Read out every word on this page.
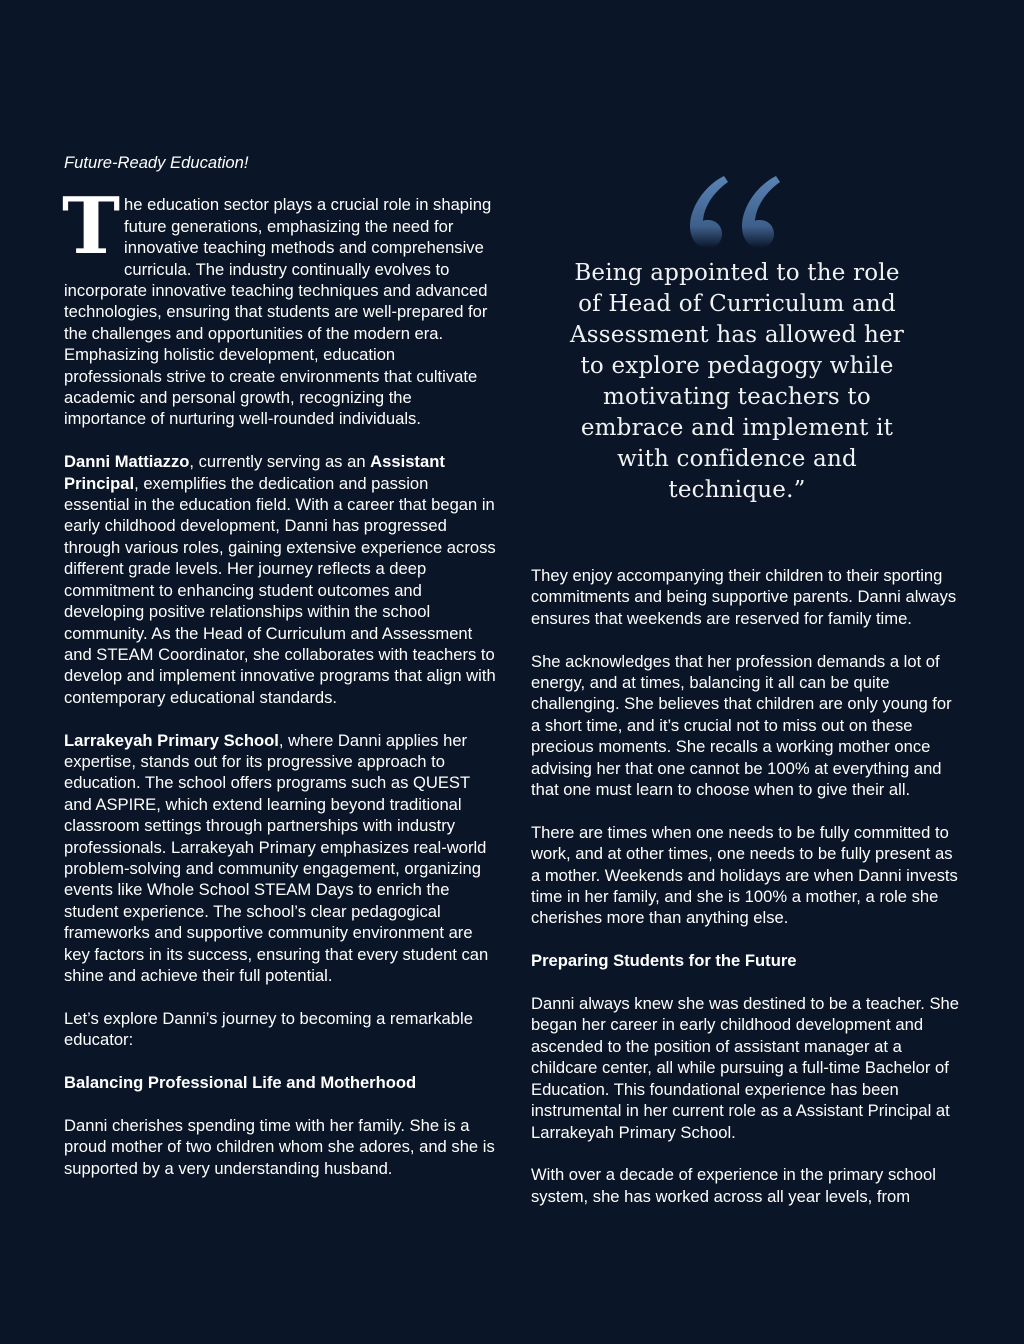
Future-Ready Education!

The education sector plays a crucial role in shaping future generations, emphasizing the need for innovative teaching methods and comprehensive curricula. The industry continually evolves to incorporate innovative teaching techniques and advanced technologies, ensuring that students are well-prepared for the challenges and opportunities of the modern era. Emphasizing holistic development, education professionals strive to create environments that cultivate academic and personal growth, recognizing the importance of nurturing well-rounded individuals.

Danni Mattiazzo, currently serving as an Assistant Principal, exemplifies the dedication and passion essential in the education field. With a career that began in early childhood development, Danni has progressed through various roles, gaining extensive experience across different grade levels. Her journey reflects a deep commitment to enhancing student outcomes and developing positive relationships within the school community. As the Head of Curriculum and Assessment and STEAM Coordinator, she collaborates with teachers to develop and implement innovative programs that align with contemporary educational standards.

Larrakeyah Primary School, where Danni applies her expertise, stands out for its progressive approach to education. The school offers programs such as QUEST and ASPIRE, which extend learning beyond traditional classroom settings through partnerships with industry professionals. Larrakeyah Primary emphasizes real-world problem-solving and community engagement, organizing events like Whole School STEAM Days to enrich the student experience. The school’s clear pedagogical frameworks and supportive community environment are key factors in its success, ensuring that every student can shine and achieve their full potential.

Let’s explore Danni’s journey to becoming a remarkable educator:

Balancing Professional Life and Motherhood

Danni cherishes spending time with her family. She is a proud mother of two children whom she adores, and she is supported by a very understanding husband.

Being appointed to the role of Head of Curriculum and Assessment has allowed her to explore pedagogy while motivating teachers to embrace and implement it with confidence and technique.”

They enjoy accompanying their children to their sporting commitments and being supportive parents. Danni always ensures that weekends are reserved for family time.

She acknowledges that her profession demands a lot of energy, and at times, balancing it all can be quite challenging. She believes that children are only young for a short time, and it’s crucial not to miss out on these precious moments. She recalls a working mother once advising her that one cannot be 100% at everything and that one must learn to choose when to give their all.

There are times when one needs to be fully committed to work, and at other times, one needs to be fully present as a mother. Weekends and holidays are when Danni invests time in her family, and she is 100% a mother, a role she cherishes more than anything else.

Preparing Students for the Future

Danni always knew she was destined to be a teacher. She began her career in early childhood development and ascended to the position of assistant manager at a childcare center, all while pursuing a full-time Bachelor of Education. This foundational experience has been instrumental in her current role as a Assistant Principal at Larrakeyah Primary School.

With over a decade of experience in the primary school system, she has worked across all year levels, from
